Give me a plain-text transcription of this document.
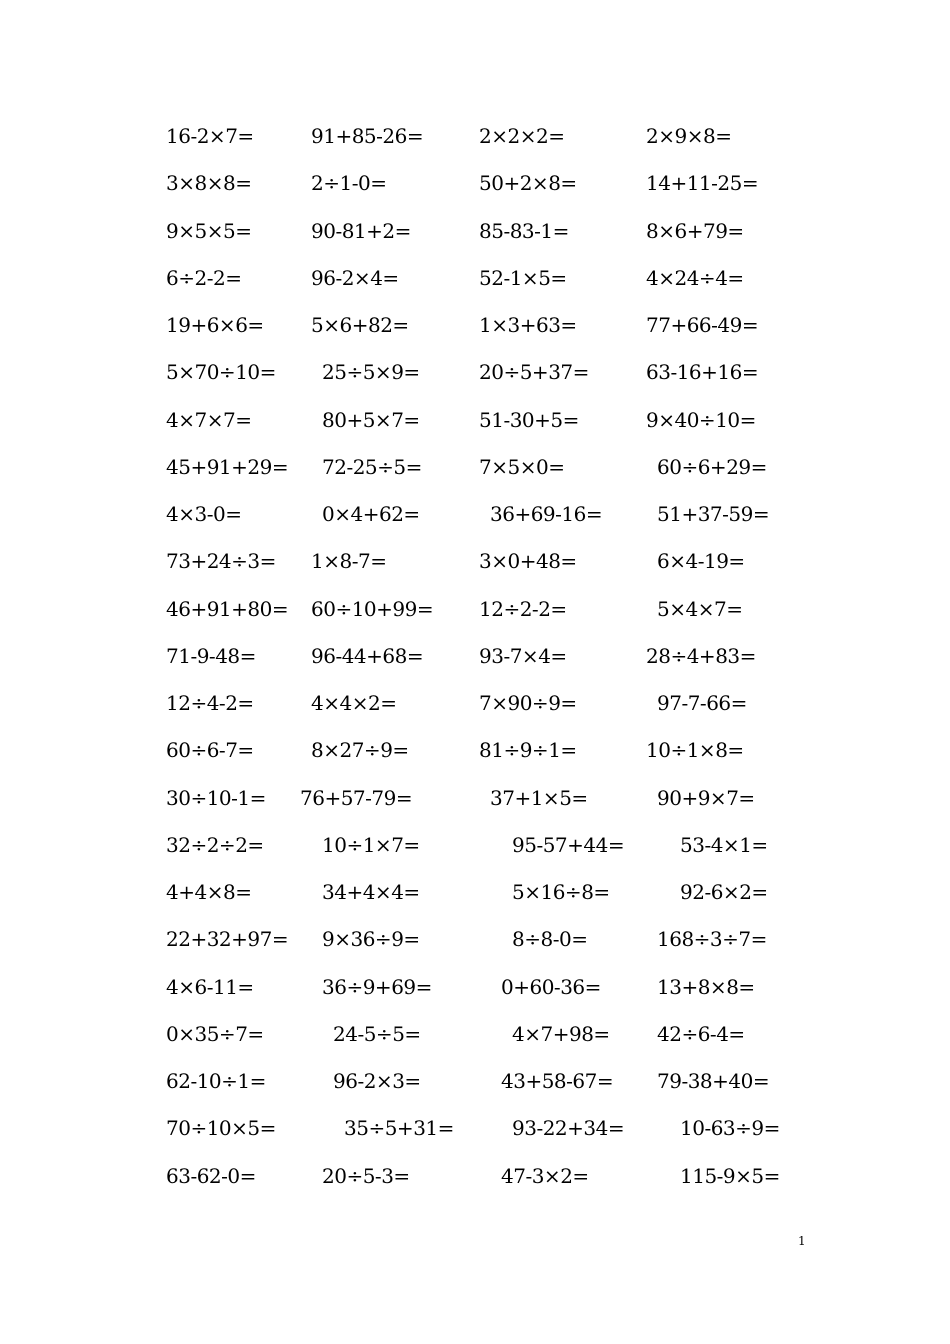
16-2×7=	91+85-26=	2×2×2=	2×9×8=
3×8×8=	2÷1-0=	50+2×8=	14+11-25=
9×5×5=	90-81+2=	85-83-1=	8×6+79=
6÷2-2=	96-2×4=	52-1×5=	4×24÷4=
19+6×6= 5×6+82=	1×3+63=	77+66-49=
5×70÷10= 25÷5×9=	20÷5+37=	63-16+16=
4×7×7=	80+5×7=	51-30+5=	9×40÷10=
45+91+29= 72-25÷5=	7×5×0=	60÷6+29=
4×3-0=	0×4+62=	36+69-16=	51+37-59=
73+24÷3= 1×8-7=	3×0+48=	6×4-19=
46+91+80= 60÷10+99= 12÷2-2=	5×4×7=
71-9-48=	96-44+68=	93-7×4=	28÷4+83=
12÷4-2=	4×4×2=	7×90÷9=	97-7-66=
60÷6-7=	8×27÷9=	81÷9÷1=	10÷1×8=
30÷10-1= 76+57-79=	37+1×5=	90+9×7=
32÷2÷2=	10÷1×7=	95-57+44=	53-4×1=
4+4×8=	34+4×4=	5×16÷8=	92-6×2=
22+32+97= 9×36÷9=	8÷8-0=	168÷3÷7=
4×6-11=	36÷9+69=	0+60-36=	13+8×8=
0×35÷7=	24-5÷5=	4×7+98= 42÷6-4=
62-10÷1=	96-2×3=	43+58-67= 79-38+40=
70÷10×5=	35÷5+31=	93-22+34=	10-63÷9=
63-62-0=	20÷5-3=	47-3×2=	115-9×5=
1
